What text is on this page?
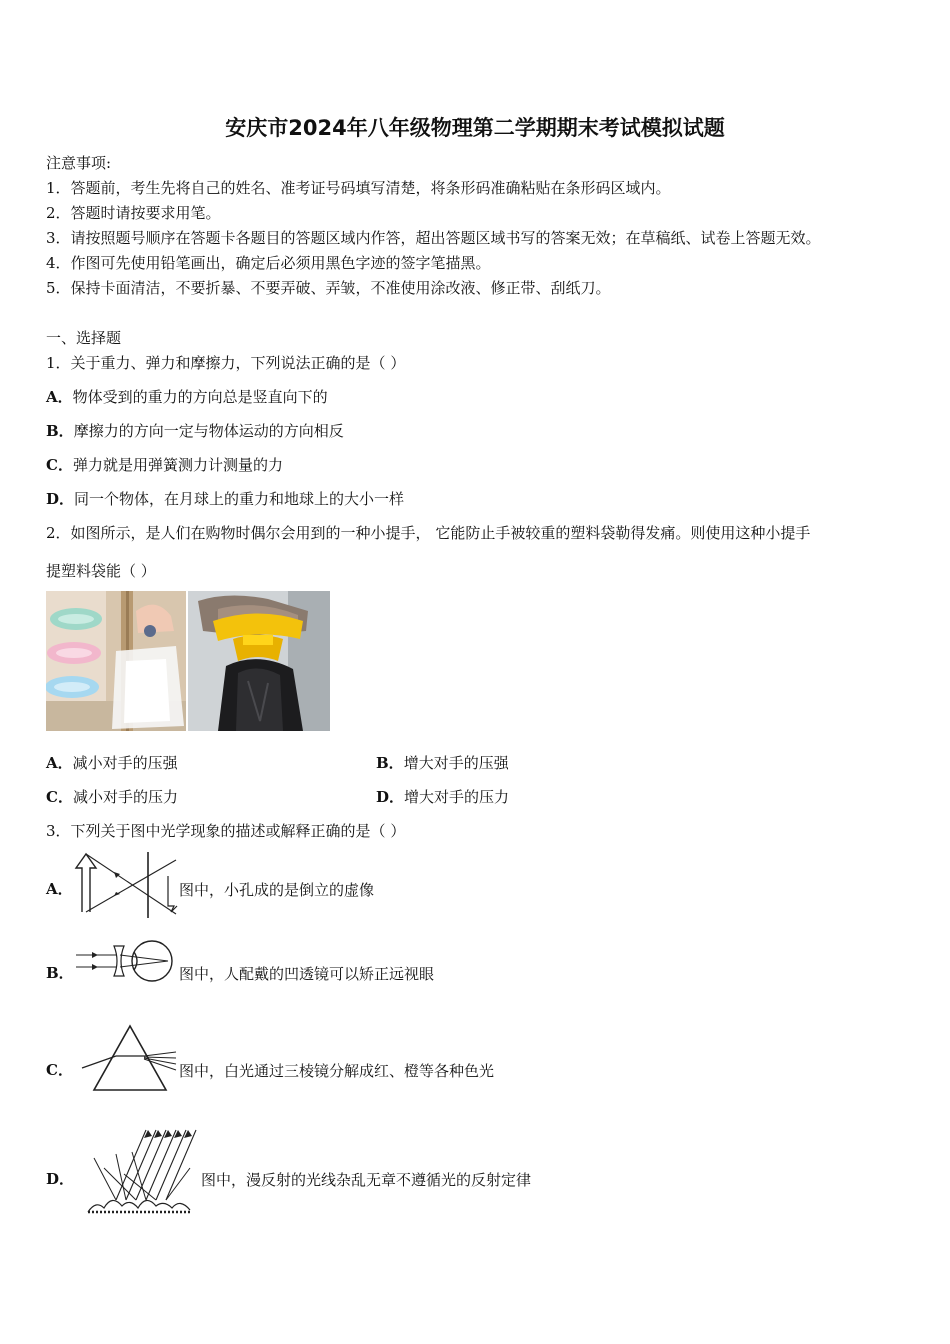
安庆市2024年八年级物理第二学期期末考试模拟试题
注意事项:
1．答题前，考生先将自己的姓名、准考证号码填写清楚，将条形码准确粘贴在条形码区域内。
2．答题时请按要求用笔。
3．请按照题号顺序在答题卡各题目的答题区域内作答，超出答题区域书写的答案无效；在草稿纸、试卷上答题无效。
4．作图可先使用铅笔画出，确定后必须用黑色字迹的签字笔描黑。
5．保持卡面清洁，不要折暴、不要弄破、弄皱，不准使用涂改液、修正带、刮纸刀。
一、选择题
1．关于重力、弹力和摩擦力，下列说法正确的是（ ）
A．物体受到的重力的方向总是竖直向下的
B．摩擦力的方向一定与物体运动的方向相反
C．弹力就是用弹簧测力计测量的力
D．同一个物体，在月球上的重力和地球上的大小一样
2．如图所示，是人们在购物时偶尔会用到的一种小提手， 它能防止手被较重的塑料袋勒得发痛。则使用这种小提手
提塑料袋能（ ）
A．减小对手的压强	B．增大对手的压强
C．减小对手的压力	D．增大对手的压力
3．下列关于图中光学现象的描述或解释正确的是（ ）
A．	图中，小孔成的是倒立的虚像
B．	图中，人配戴的凹透镜可以矫正远视眼
C．	图中，白光通过三棱镜分解成红、橙等各种色光
D．	图中，漫反射的光线杂乱无章不遵循光的反射定律
